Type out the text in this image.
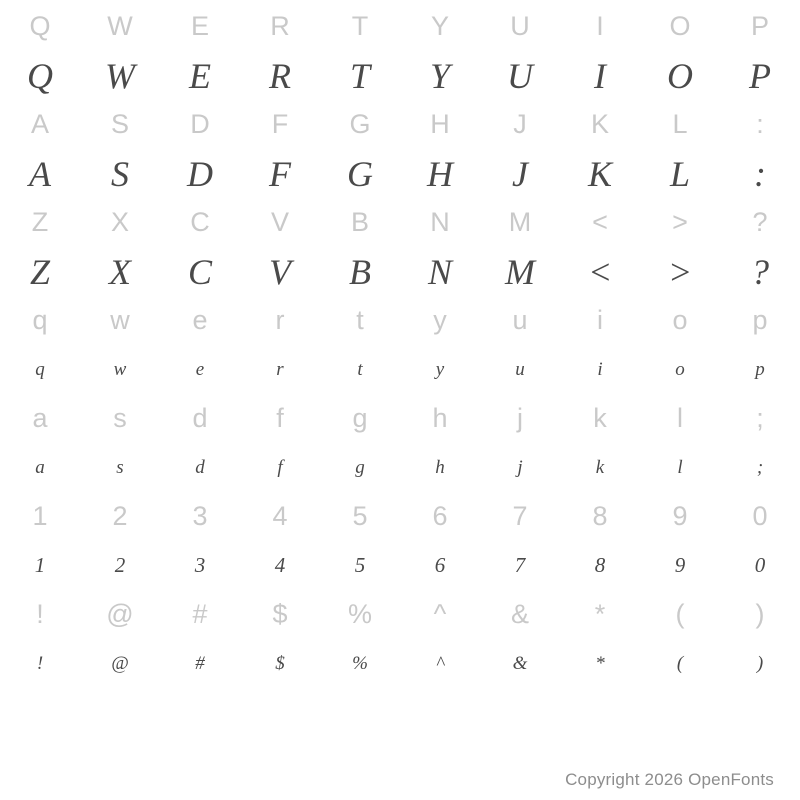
Q W E R T Y U I O P
Q W E R T Y U I O P
A S D F G H J K L	:
A S D F G H J K L :
Z X C V B N M < > ?
Z X C V B N M < > ?
q w e	r	t	y u	i	o p
q	w	e	r	t	y	u	i	o	p
a s d	f	g h	j	k	l	;
a	s	d	f	g	h	j	k	l	;
1 2 3 4 5 6 7 8 9 0
1	2	3	4	5	6	7	8	9	0
! @ # $ % ^ & *	(	)
!	@	#	$	%	^	&	*	(	)
Copyright 2026 OpenFonts
